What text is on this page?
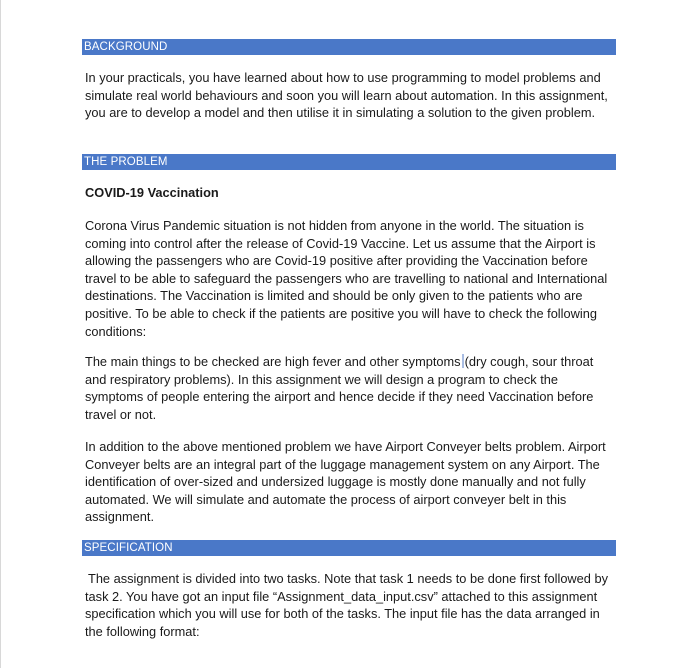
BACKGROUND

In your practicals, you have learned about how to use programming to model problems and simulate real world behaviours and soon you will learn about automation. In this assignment, you are to develop a model and then utilise it in simulating a solution to the given problem.

THE PROBLEM

COVID-19 Vaccination

Corona Virus Pandemic situation is not hidden from anyone in the world. The situation is coming into control after the release of Covid-19 Vaccine. Let us assume that the Airport is allowing the passengers who are Covid-19 positive after providing the Vaccination before travel to be able to safeguard the passengers who are travelling to national and International destinations. The Vaccination is limited and should be only given to the patients who are positive. To be able to check if the patients are positive you will have to check the following conditions:

The main things to be checked are high fever and other symptoms (dry cough, sour throat and respiratory problems). In this assignment we will design a program to check the symptoms of people entering the airport and hence decide if they need Vaccination before travel or not.

In addition to the above mentioned problem we have Airport Conveyer belts problem. Airport Conveyer belts are an integral part of the luggage management system on any Airport. The identification of over-sized and undersized luggage is mostly done manually and not fully automated. We will simulate and automate the process of airport conveyer belt in this assignment.

SPECIFICATION

The assignment is divided into two tasks. Note that task 1 needs to be done first followed by task 2. You have got an input file “Assignment_data_input.csv” attached to this assignment specification which you will use for both of the tasks. The input file has the data arranged in the following format:
